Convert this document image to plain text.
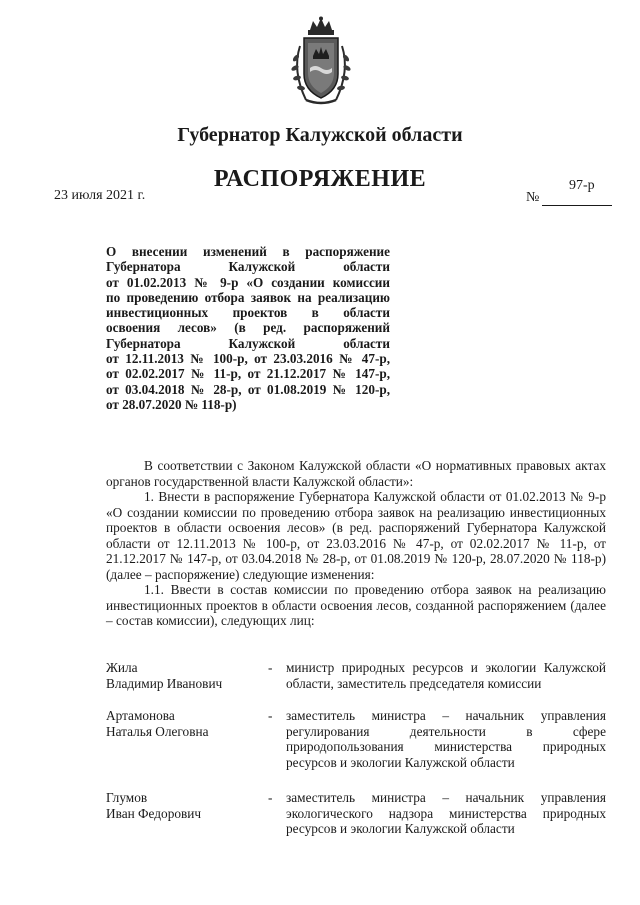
Губернатор Калужской области
РАСПОРЯЖЕНИЕ
23 июля 2021 г.	№
97-р
О внесении изменений в распоряжение
Губернатора Калужской области
от 01.02.2013 № 9-р «О создании комиссии
по проведению отбора заявок на реализацию
инвестиционных проектов в области
освоения лесов» (в ред. распоряжений
Губернатора Калужской области
от 12.11.2013 № 100-р, от 23.03.2016 № 47-р,
от 02.02.2017 № 11-р, от 21.12.2017 № 147-р,
от 03.04.2018 № 28-р, от 01.08.2019 № 120-р,
от 28.07.2020 № 118-р)

В соответствии с Законом Калужской области «О нормативных правовых актах органов государственной власти Калужской области»:

1. Внести в распоряжение Губернатора Калужской области от 01.02.2013 № 9-р «О создании комиссии по проведению отбора заявок на реализацию инвестиционных проектов в области освоения лесов» (в ред. распоряжений Губернатора Калужской области от 12.11.2013 № 100-р, от 23.03.2016 № 47-р, от 02.02.2017 № 11-р, от 21.12.2017 № 147-р, от 03.04.2018 № 28-р, от 01.08.2019 № 120-р, 28.07.2020 № 118-р) (далее – распоряжение) следующие изменения:

1.1. Ввести в состав комиссии по проведению отбора заявок на реализацию инвестиционных проектов в области освоения лесов, созданной распоряжением (далее – состав комиссии), следующих лиц:

Жила
Владимир Иванович
- министр природных ресурсов и экологии Калужской
области, заместитель председателя комиссии
Артамонова
Наталья Олеговна
- заместитель министра – начальник управления
регулирования деятельности в сфере
природопользования министерства природных
ресурсов и экологии Калужской области
Глумов
Иван Федорович
- заместитель министра – начальник управления
экологического надзора министерства природных
ресурсов и экологии Калужской области
